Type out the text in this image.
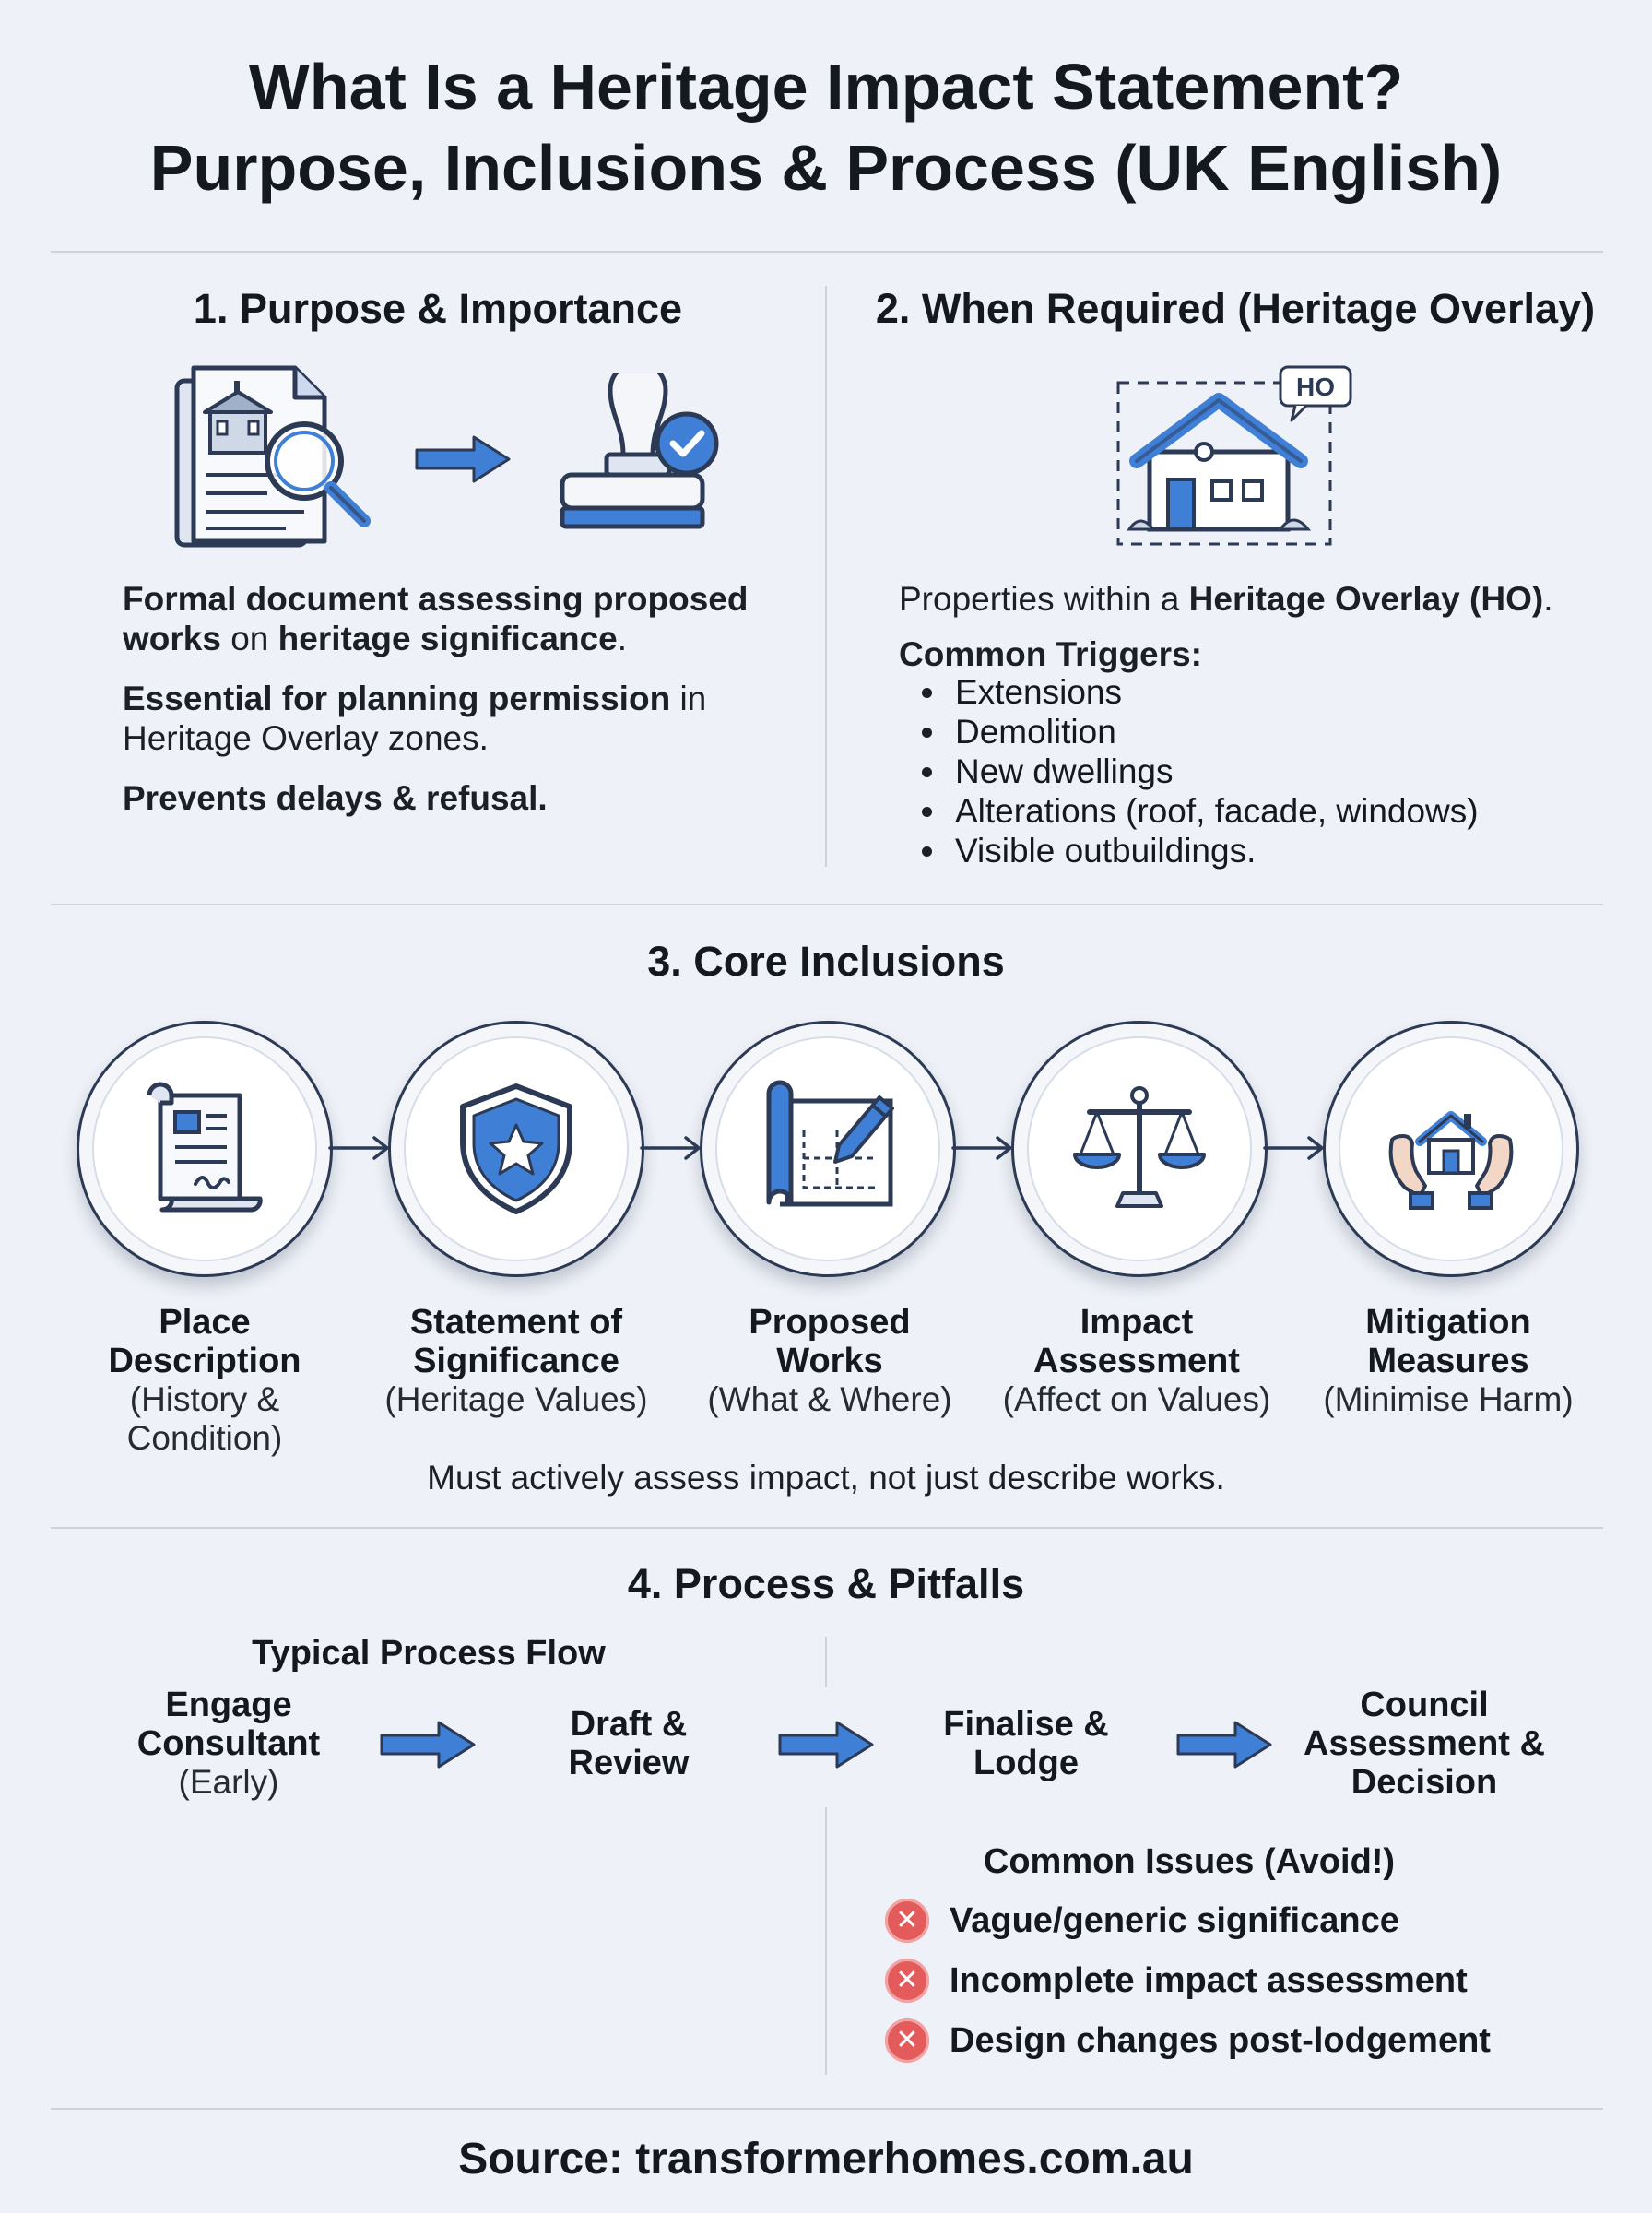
What Is a Heritage Impact Statement?
Purpose, Inclusions & Process (UK English)
1. Purpose & Importance
Formal document assessing proposed works on heritage significance.
Essential for planning permission in Heritage Overlay zones.
Prevents delays & refusal.
2. When Required (Heritage Overlay)
HO
Properties within a Heritage Overlay (HO).
Common Triggers:
Extensions
Demolition
New dwellings
Alterations (roof, facade, windows)
Visible outbuildings.
3. Core Inclusions
Place
Description
(History &
Condition)
Statement of
Significance
(Heritage Values)
Proposed
Works
(What & Where)
Impact
Assessment
(Affect on Values)
Mitigation
Measures
(Minimise Harm)
Must actively assess impact, not just describe works.
4. Process & Pitfalls
Typical Process Flow
Engage
Consultant
(Early)
Draft &
Review
Finalise &
Lodge
Council
Assessment &
Decision
Common Issues (Avoid!)
✕ Vague/generic significance
✕ Incomplete impact assessment
✕ Design changes post-lodgement
Source: transformerhomes.com.au
